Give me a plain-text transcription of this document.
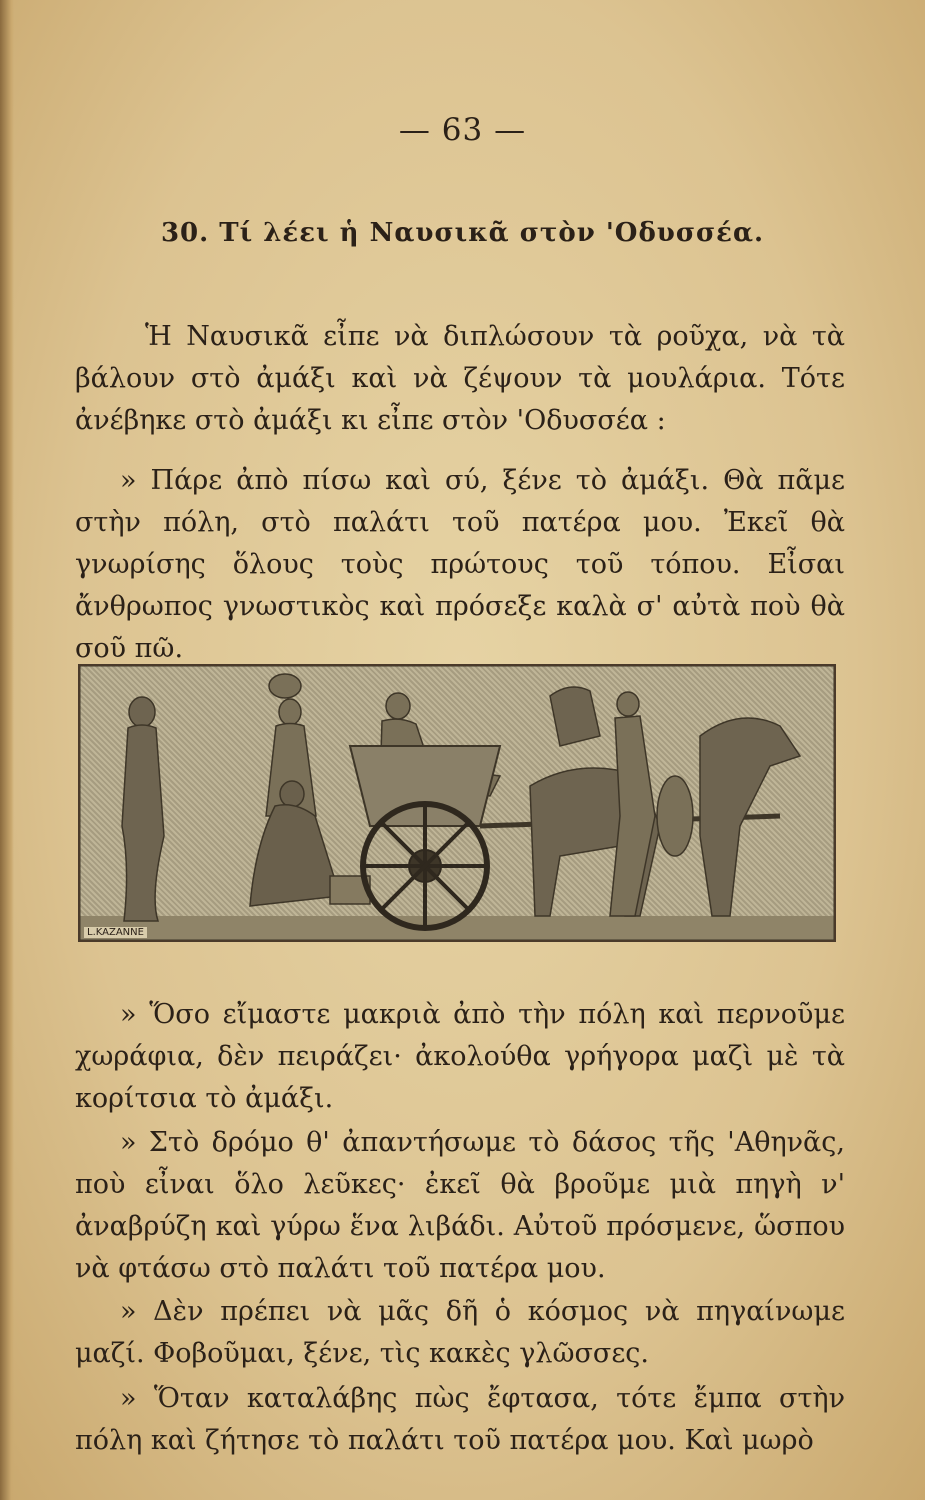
— 63 —
30. Τί λέει ἡ Ναυσικᾶ στὸν 'Οδυσσέα.
Ἡ Ναυσικᾶ εἶπε νὰ διπλώσουν τὰ ροῦχα, νὰ τὰ βάλουν στὸ ἀμάξι καὶ νὰ ζέψουν τὰ μουλάρια. Τότε ἀνέβηκε στὸ ἀμάξι κι εἶπε στὸν 'Οδυσσέα :
» Πάρε ἀπὸ πίσω καὶ σύ, ξένε τὸ ἀμάξι. Θὰ πᾶμε στὴν πόλη, στὸ παλάτι τοῦ πατέρα μου. Ἐκεῖ θὰ γνωρίσης ὅλους τοὺς πρώτους τοῦ τόπου. Εἶσαι ἄνθρωπος γνωστικὸς καὶ πρόσεξε καλὰ σ' αὐτὰ ποὺ θὰ σοῦ πῶ.
L.KAZANNE
» Ὅσο εἴμαστε μακριὰ ἀπὸ τὴν πόλη καὶ περνοῦμε χωράφια, δὲν πειράζει· ἀκολούθα γρήγορα μαζὶ μὲ τὰ κορίτσια τὸ ἀμάξι.
» Στὸ δρόμο θ' ἀπαντήσωμε τὸ δάσος τῆς 'Αθηνᾶς, ποὺ εἶναι ὅλο λεῦκες· ἐκεῖ θὰ βροῦμε μιὰ πηγὴ ν' ἀναβρύζη καὶ γύρω ἕνα λιβάδι. Αὐτοῦ πρόσμενε, ὥσπου νὰ φτάσω στὸ παλάτι τοῦ πατέρα μου.
» Δὲν πρέπει νὰ μᾶς δῆ ὁ κόσμος νὰ πηγαίνωμε μαζί. Φοβοῦμαι, ξένε, τὶς κακὲς γλῶσσες.
» Ὅταν καταλάβης πὼς ἔφτασα, τότε ἔμπα στὴν πόλη καὶ ζήτησε τὸ παλάτι τοῦ πατέρα μου. Καὶ μωρὸ
